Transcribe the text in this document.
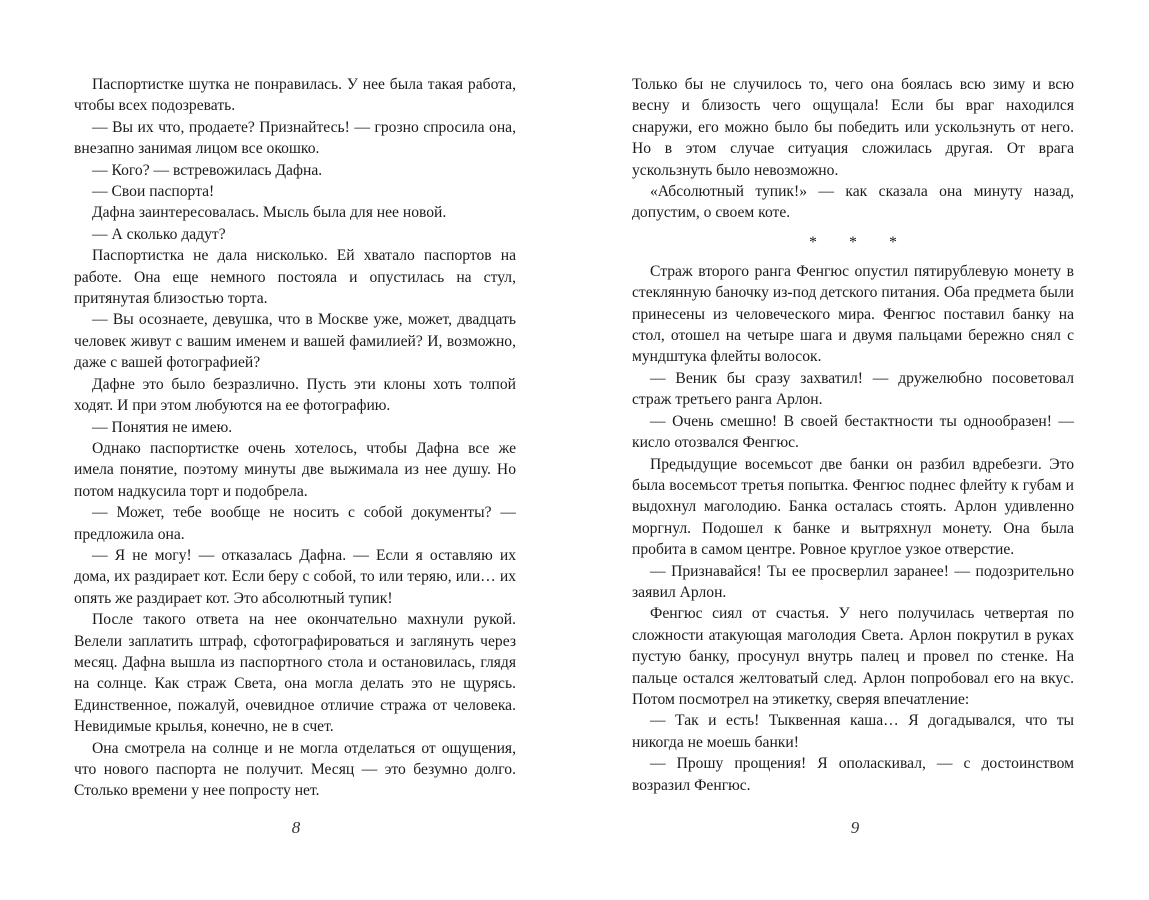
Паспортистке шутка не понравилась. У нее была такая работа, чтобы всех подозревать.

— Вы их что, продаете? Признайтесь! — грозно спросила она, внезапно занимая лицом все окошко.

— Кого? — встревожилась Дафна.

— Свои паспорта!

Дафна заинтересовалась. Мысль была для нее новой.

— А сколько дадут?

Паспортистка не дала нисколько. Ей хватало паспортов на работе. Она еще немного постояла и опустилась на стул, притянутая близостью торта.

— Вы осознаете, девушка, что в Москве уже, может, двадцать человек живут с вашим именем и вашей фамилией? И, возможно, даже с вашей фотографией?

Дафне это было безразлично. Пусть эти клоны хоть толпой ходят. И при этом любуются на ее фотографию.

— Понятия не имею.

Однако паспортистке очень хотелось, чтобы Дафна все же имела понятие, поэтому минуты две выжимала из нее душу. Но потом надкусила торт и подобрела.

— Может, тебе вообще не носить с собой документы? — предложила она.

— Я не могу! — отказалась Дафна. — Если я оставляю их дома, их раздирает кот. Если беру с собой, то или теряю, или… их опять же раздирает кот. Это абсолютный тупик!

После такого ответа на нее окончательно махнули рукой. Велели заплатить штраф, сфотографироваться и заглянуть через месяц. Дафна вышла из паспортного стола и остановилась, глядя на солнце. Как страж Света, она могла делать это не щурясь. Единственное, пожалуй, очевидное отличие стража от человека. Невидимые крылья, конечно, не в счет.

Она смотрела на солнце и не могла отделаться от ощущения, что нового паспорта не получит. Месяц — это безумно долго. Столько времени у нее попросту нет.

8

Только бы не случилось то, чего она боялась всю зиму и всю весну и близость чего ощущала! Если бы враг находился снаружи, его можно было бы победить или ускользнуть от него. Но в этом случае ситуация сложилась другая. От врага ускользнуть было невозможно.

«Абсолютный тупик!» — как сказала она минуту назад, допустим, о своем коте.

* * *

Страж второго ранга Фенгюс опустил пятирублевую монету в стеклянную баночку из-под детского питания. Оба предмета были принесены из человеческого мира. Фенгюс поставил банку на стол, отошел на четыре шага и двумя пальцами бережно снял с мундштука флейты волосок.

— Веник бы сразу захватил! — дружелюбно посоветовал страж третьего ранга Арлон.

— Очень смешно! В своей бестактности ты однообразен! — кисло отозвался Фенгюс.

Предыдущие восемьсот две банки он разбил вдребезги. Это была восемьсот третья попытка. Фенгюс поднес флейту к губам и выдохнул маголодию. Банка осталась стоять. Арлон удивленно моргнул. Подошел к банке и вытряхнул монету. Она была пробита в самом центре. Ровное круглое узкое отверстие.

— Признавайся! Ты ее просверлил заранее! — подозрительно заявил Арлон.

Фенгюс сиял от счастья. У него получилась четвертая по сложности атакующая маголодия Света. Арлон покрутил в руках пустую банку, просунул внутрь палец и провел по стенке. На пальце остался желтоватый след. Арлон попробовал его на вкус. Потом посмотрел на этикетку, сверяя впечатление:

— Так и есть! Тыквенная каша… Я догадывался, что ты никогда не моешь банки!

— Прошу прощения! Я ополаскивал, — с достоинством возразил Фенгюс.

9
